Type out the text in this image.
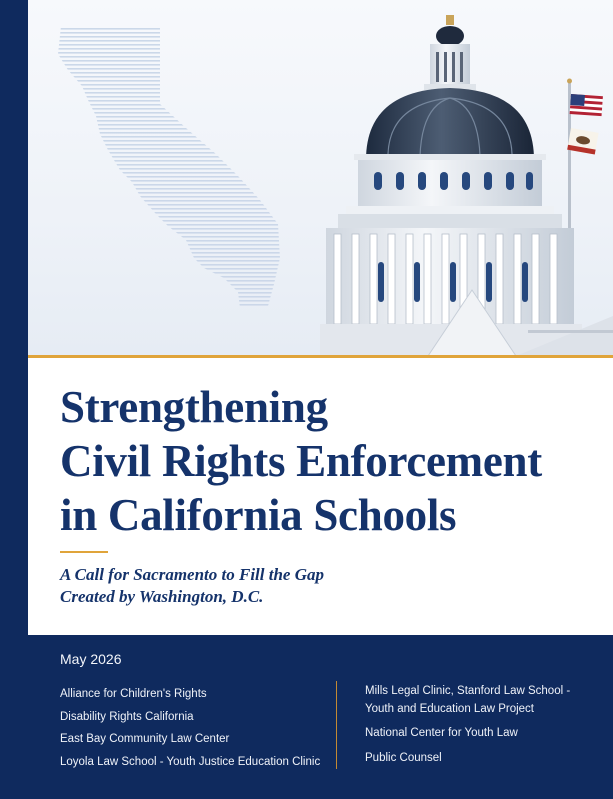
Strengthening
Civil Rights Enforcement
in California Schools
A Call for Sacramento to Fill the Gap
Created by Washington, D.C.
May 2026
Alliance for Children's Rights
Disability Rights California
East Bay Community Law Center
Loyola Law School - Youth Justice Education Clinic
Mills Legal Clinic, Stanford Law School -
Youth and Education Law Project
National Center for Youth Law
Public Counsel
